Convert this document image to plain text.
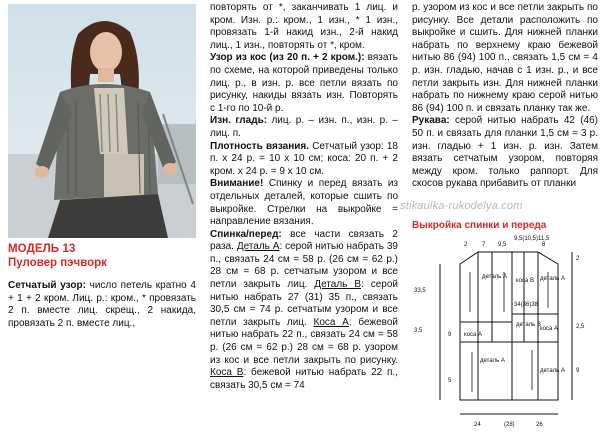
МОДЕЛЬ 13
Пуловер пэчворк

Сетчатый узор: число петель кратно 4 + 1 + 2 кром. Лиц. р.: кром., * провязать 2 п. вместе лиц. скрещ., 2 накида, провязать 2 п. вместе лиц.,

повторять от *, заканчивать 1 лиц. и кром. Изн. р.: кром., 1 изн., * 1 изн., провязать 1-й накид изн., 2-й накид лиц., 1 изн., повторять от *, кром.

Узор из кос (из 20 п. + 2 кром.): вязать по схеме, на которой приведены только лиц. р., в изн. р. все петли вязать по рисунку, накиды вязать изн. Повторять с 1-го по 10-й р.

Изн. гладь: лиц. р. – изн. п., изн. р. – лиц. п.

Плотность вязания. Сетчатый узор: 18 п. х 24 р. = 10 х 10 см; коса: 20 п. + 2 кром. х 24 р. = 9 х 10 см.

Внимание! Спинку и перед вязать из отдельных деталей, которые сшить по выкройке. Стрелки на выкройке = направление вязания.

Спинка/перед: все части связать 2 раза. Деталь А: серой нитью набрать 39 п., связать 24 см = 58 р. (26 см = 62 р.) 28 см = 68 р. сетчатым узором и все петли закрыть лиц. Деталь В: серой нитью набрать 27 (31) 35 п., связать 30,5 см = 74 р. сетчатым узором и все петли закрыть лиц. Коса А: бежевой нитью набрать 22 п., связать 24 см = 58 р. (26 см = 62 р.) 28 см = 68 р. узором из кос и все петли закрыть по рисунку. Коса В: бежевой нитью набрать 22 п., связать 30,5 см = 74

р. узором из кос и все петли закрыть по рисунку. Все детали расположить по выкройке и сшить. Для нижней планки набрать по верхнему краю бежевой нитью 86 (94) 100 п., связать 1,5 см = 4 р. изн. гладью, начав с 1 изн. р., и все петли закрыть изн. Для нижней планки набрать по нижнему краю серой нитью 86 (94) 100 п. и связать планку так же.

Рукава: серой нитью набрать 42 (46) 50 п. и связать для планки 1,5 см = 3 р. изн. гладью + 1 изн. р. изн. Затем вязать сетчатым узором, повторяя между кром. только раппорт. Для скосов рукава прибавить от планки

stikaulka-rukodelya.com
Выкройка спинки и переда
33,5
3,5
9
5
2 7 9,5
9,5(10,5)11,5
8
деталь А
коса В деталь А
34(36)38
коса А
деталь В
коса А
деталь А
деталь А
24	(28)	26
2
2,5
9
